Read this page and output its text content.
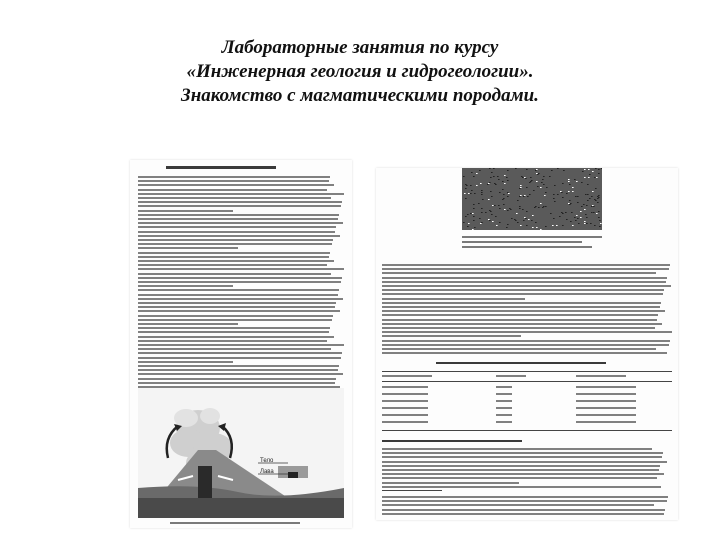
Лабораторные занятия по курсу

«Инженерная геология и гидрогеологии».

Знакомство с магматическими породами.

Тело
Лава
